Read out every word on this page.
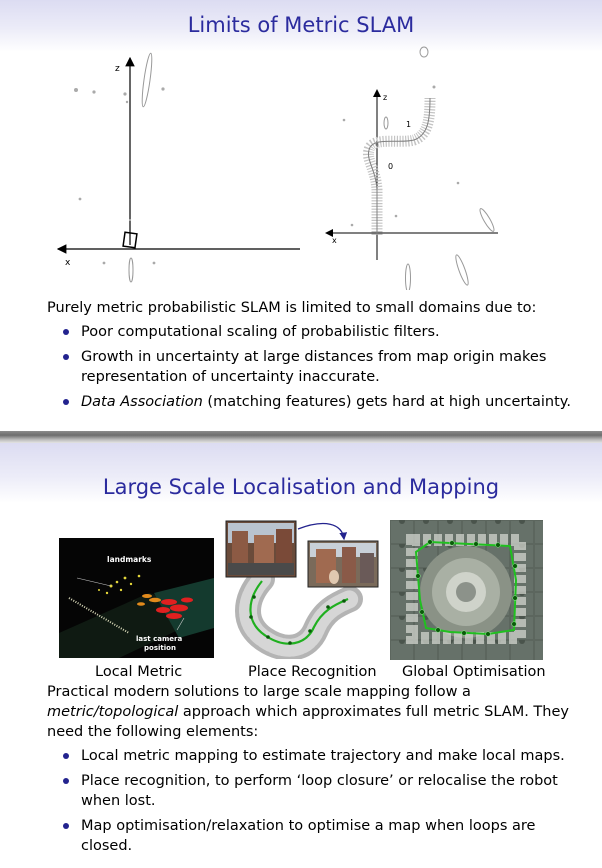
Limits of Metric SLAM
z
x
z
x
1
0

Purely metric probabilistic SLAM is limited to small domains due to:

Poor computational scaling of probabilistic filters.
Growth in uncertainty at large distances from map origin makes
representation of uncertainty inaccurate.
Data Association (matching features) gets hard at high uncertainty.
Large Scale Localisation and Mapping
landmarks
last camera
position
Local Metric	Place Recognition Global Optimisation

Practical modern solutions to large scale mapping follow a
metric/topological approach which approximates full metric SLAM. They
need the following elements:

Local metric mapping to estimate trajectory and make local maps.
Place recognition, to perform ‘loop closure’ or relocalise the robot
when lost.
Map optimisation/relaxation to optimise a map when loops are
closed.
